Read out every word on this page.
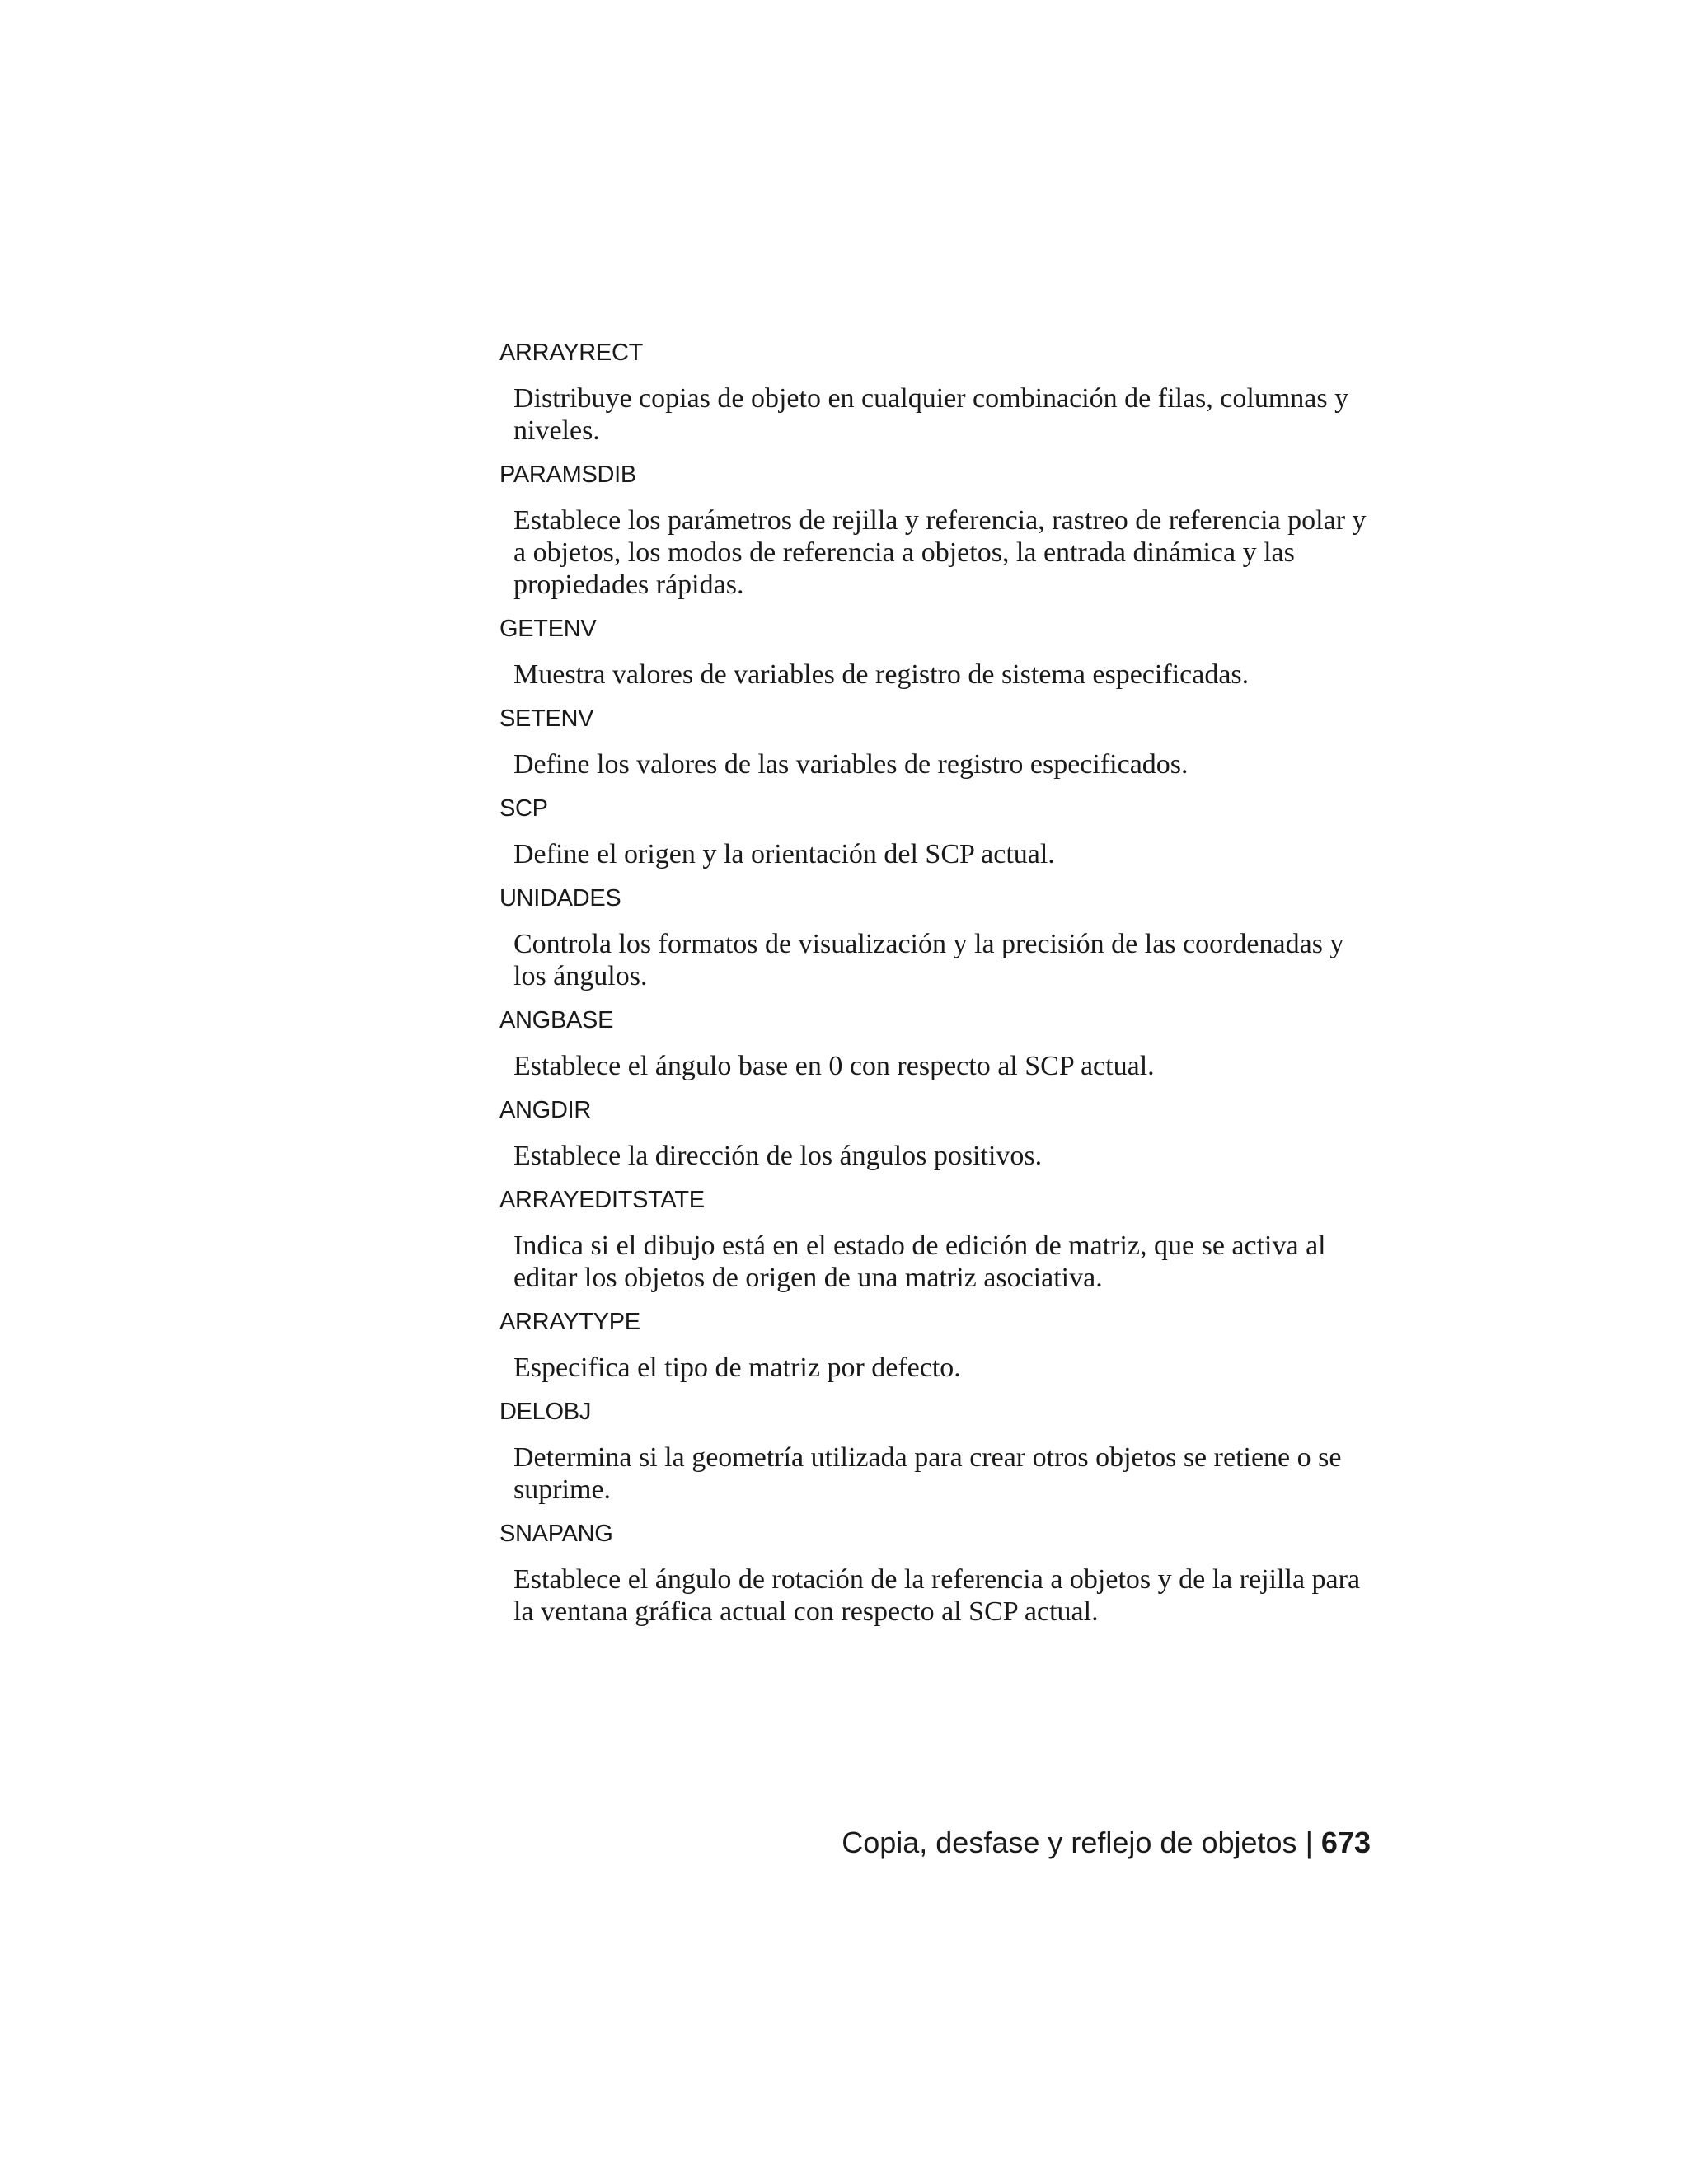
ARRAYRECT

Distribuye copias de objeto en cualquier combinación de filas, columnas y niveles.

PARAMSDIB

Establece los parámetros de rejilla y referencia, rastreo de referencia polar y a objetos, los modos de referencia a objetos, la entrada dinámica y las propiedades rápidas.

GETENV

Muestra valores de variables de registro de sistema especificadas.

SETENV

Define los valores de las variables de registro especificados.

SCP

Define el origen y la orientación del SCP actual.

UNIDADES

Controla los formatos de visualización y la precisión de las coordenadas y los ángulos.

ANGBASE

Establece el ángulo base en 0 con respecto al SCP actual.

ANGDIR

Establece la dirección de los ángulos positivos.

ARRAYEDITSTATE

Indica si el dibujo está en el estado de edición de matriz, que se activa al editar los objetos de origen de una matriz asociativa.

ARRAYTYPE

Especifica el tipo de matriz por defecto.

DELOBJ

Determina si la geometría utilizada para crear otros objetos se retiene o se suprime.

SNAPANG

Establece el ángulo de rotación de la referencia a objetos y de la rejilla para la ventana gráfica actual con respecto al SCP actual.

Copia, desfase y reflejo de objetos | 673
